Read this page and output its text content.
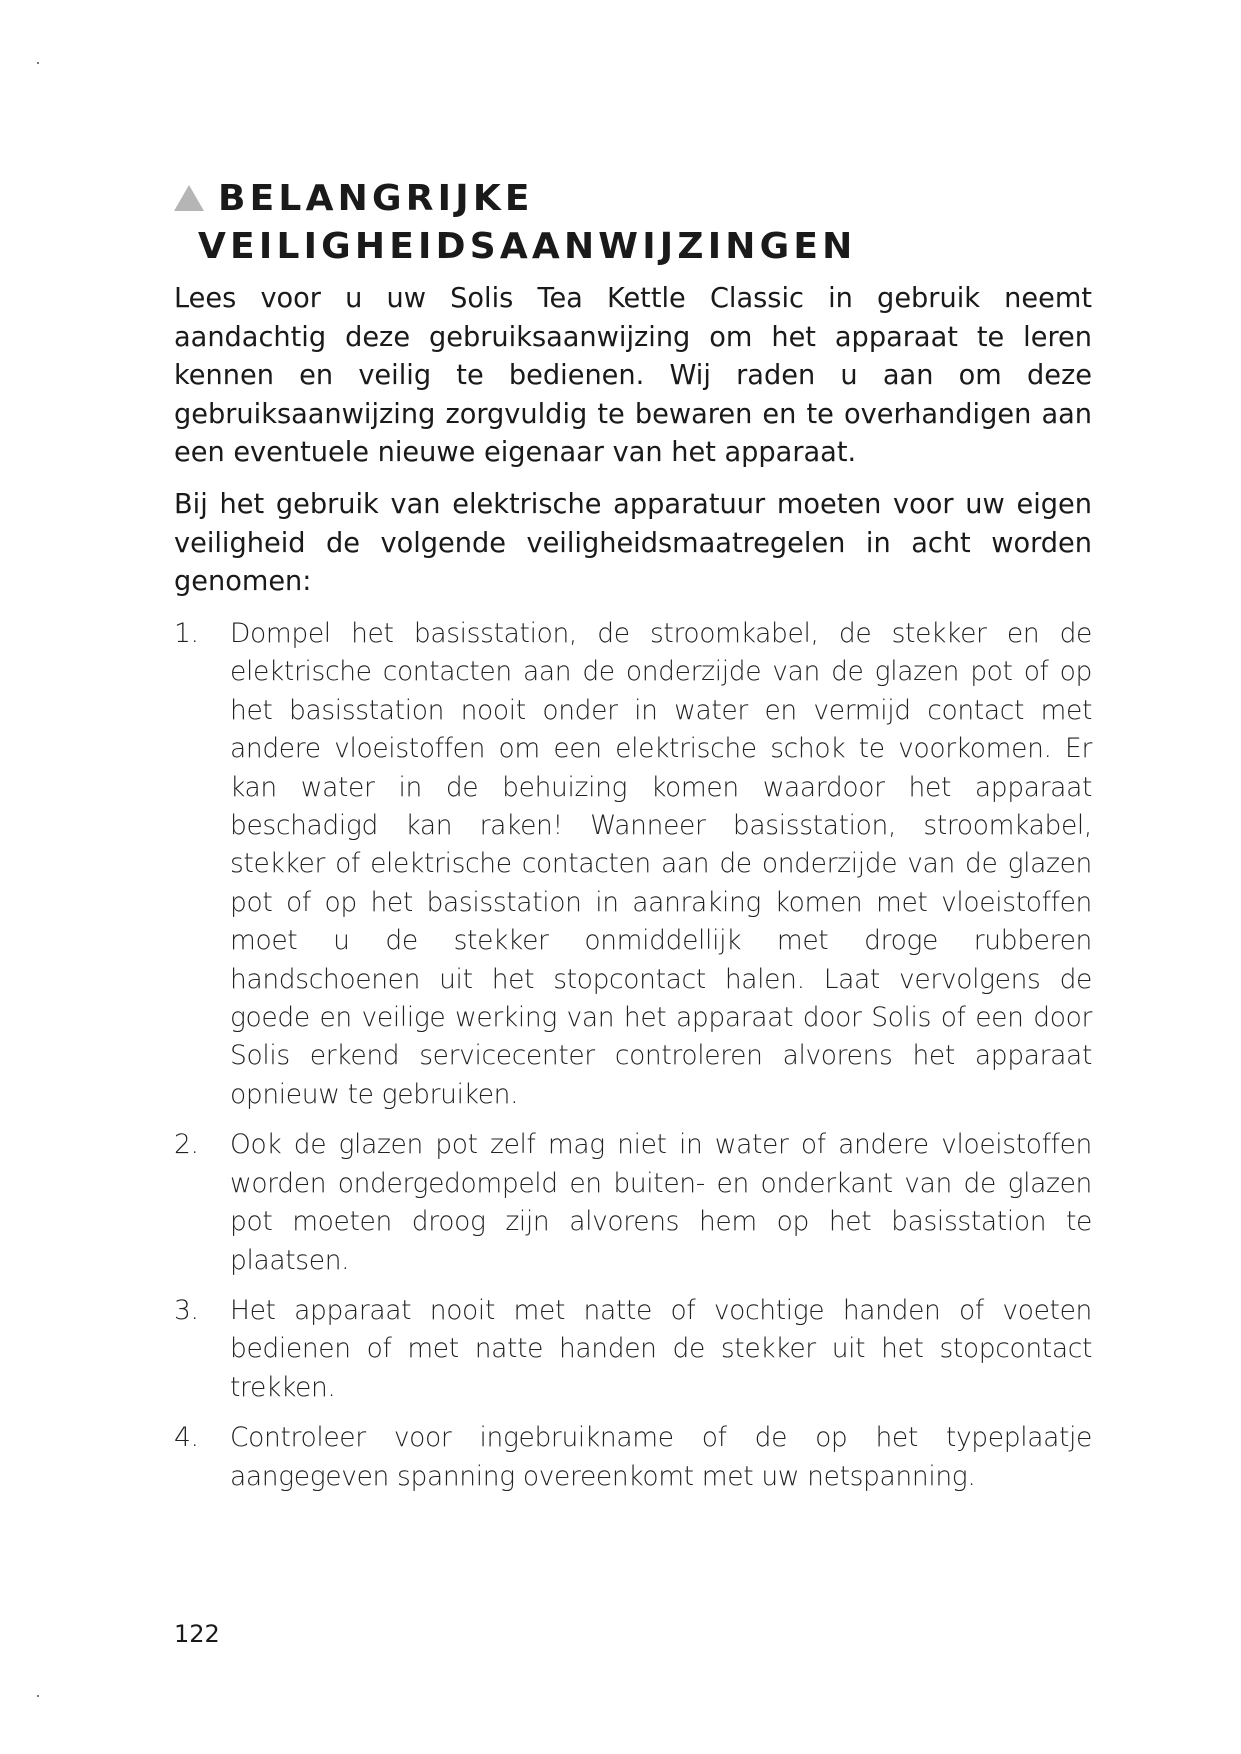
BELANGRIJKE
VEILIGHEIDSAANWIJZINGEN

Lees voor u uw Solis Tea Kettle Classic in gebruik neemt aandachtig deze gebruiksaanwijzing om het apparaat te leren kennen en veilig te bedienen. Wij raden u aan om deze gebruiksaanwijzing zorgvuldig te bewaren en te overhandigen aan een eventuele nieuwe eigenaar van het apparaat.

Bij het gebruik van elektrische apparatuur moeten voor uw eigen veiligheid de volgende veiligheidsmaatregelen in acht worden genomen:

1. Dompel het basisstation, de stroomkabel, de stekker en de elektrische contacten aan de onderzijde van de glazen pot of op het basisstation nooit onder in water en vermijd contact met andere vloeistoffen om een elektrische schok te voorkomen. Er kan water in de behuizing komen waardoor het apparaat beschadigd kan raken! Wanneer basisstation, stroomkabel, stekker of elektrische contacten aan de onderzijde van de glazen pot of op het basisstation in aanraking komen met vloeistoffen moet u de stekker onmiddellijk met droge rubberen handschoenen uit het stopcontact halen. Laat vervolgens de goede en veilige werking van het apparaat door Solis of een door Solis erkend servicecenter controleren alvorens het apparaat opnieuw te gebruiken.
2. Ook de glazen pot zelf mag niet in water of andere vloeistoffen worden ondergedompeld en buiten- en onderkant van de glazen pot moeten droog zijn alvorens hem op het basisstation te plaatsen.
3. Het apparaat nooit met natte of vochtige handen of voeten bedienen of met natte handen de stekker uit het stopcontact trekken.
4. Controleer voor ingebruikname of de op het typeplaatje aangegeven spanning overeenkomt met uw netspanning.
122
